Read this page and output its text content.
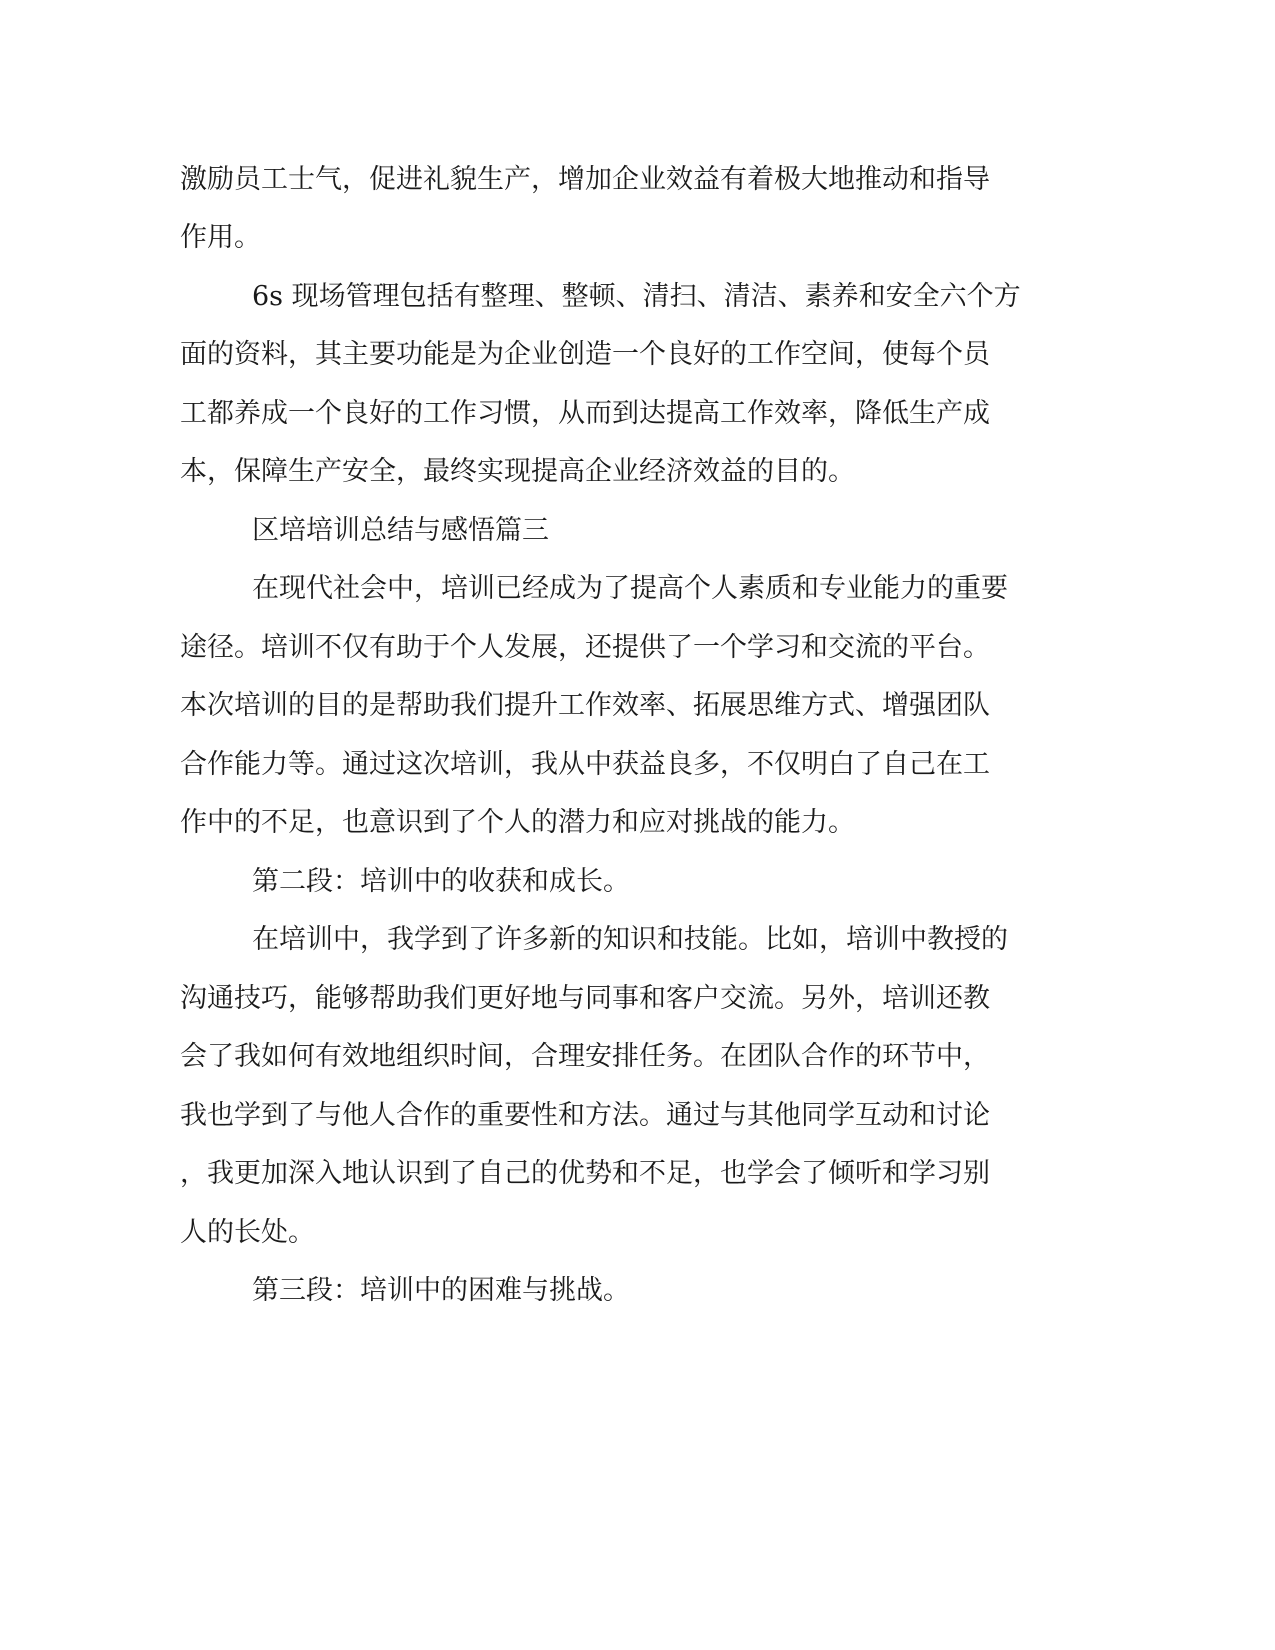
激励员工士气，促进礼貌生产，增加企业效益有着极大地推动和指导
作用。
6s 现场管理包括有整理、整顿、清扫、清洁、素养和安全六个方
面的资料，其主要功能是为企业创造一个良好的工作空间，使每个员
工都养成一个良好的工作习惯，从而到达提高工作效率，降低生产成
本，保障生产安全，最终实现提高企业经济效益的目的。
区培培训总结与感悟篇三
在现代社会中，培训已经成为了提高个人素质和专业能力的重要
途径。培训不仅有助于个人发展，还提供了一个学习和交流的平台。
本次培训的目的是帮助我们提升工作效率、拓展思维方式、增强团队
合作能力等。通过这次培训，我从中获益良多，不仅明白了自己在工
作中的不足，也意识到了个人的潜力和应对挑战的能力。
第二段：培训中的收获和成长。
在培训中，我学到了许多新的知识和技能。比如，培训中教授的
沟通技巧，能够帮助我们更好地与同事和客户交流。另外，培训还教
会了我如何有效地组织时间，合理安排任务。在团队合作的环节中，
我也学到了与他人合作的重要性和方法。通过与其他同学互动和讨论
，我更加深入地认识到了自己的优势和不足，也学会了倾听和学习别
人的长处。
第三段：培训中的困难与挑战。
